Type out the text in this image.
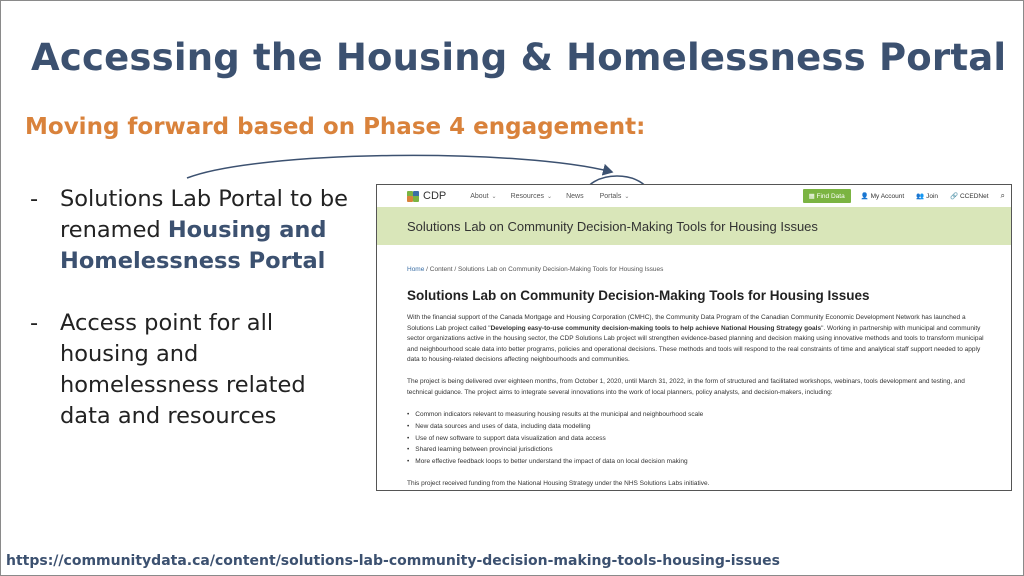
Accessing the Housing & Homelessness Portal
Moving forward based on Phase 4 engagement:
- Solutions Lab Portal to be renamed Housing and Homelessness Portal
- Access point for all housing and homelessness related data and resources
CDP	About ⌄ Resources ⌄ News Portals ⌄	▦ Find Data	👤 My Account 👥 Join 🔗 CCEDNet ⌕
Solutions Lab on Community Decision-Making Tools for Housing Issues
Home / Content / Solutions Lab on Community Decision-Making Tools for Housing Issues
Solutions Lab on Community Decision-Making Tools for Housing Issues
With the financial support of the Canada Mortgage and Housing Corporation (CMHC), the Community Data Program of the Canadian Community Economic Development Network has launched a Solutions Lab project called "Developing easy-to-use community decision-making tools to help achieve National Housing Strategy goals". Working in partnership with municipal and community sector organizations active in the housing sector, the CDP Solutions Lab project will strengthen evidence-based planning and decision making using innovative methods and tools to transform municipal and neighbourhood scale data into better programs, policies and operational decisions. These methods and tools will respond to the real constraints of time and analytical staff support needed to apply data to housing-related decisions affecting neighbourhoods and communities.
The project is being delivered over eighteen months, from October 1, 2020, until March 31, 2022, in the form of structured and facilitated workshops, webinars, tools development and testing, and technical guidance. The project aims to integrate several innovations into the work of local planners, policy analysts, and decision-makers, including:
• Common indicators relevant to measuring housing results at the municipal and neighbourhood scale
• New data sources and uses of data, including data modelling
• Use of new software to support data visualization and data access
• Shared learning between provincial jurisdictions
• More effective feedback loops to better understand the impact of data on local decision making
This project received funding from the National Housing Strategy under the NHS Solutions Labs initiative.
https://communitydata.ca/content/solutions-lab-community-decision-making-tools-housing-issues
